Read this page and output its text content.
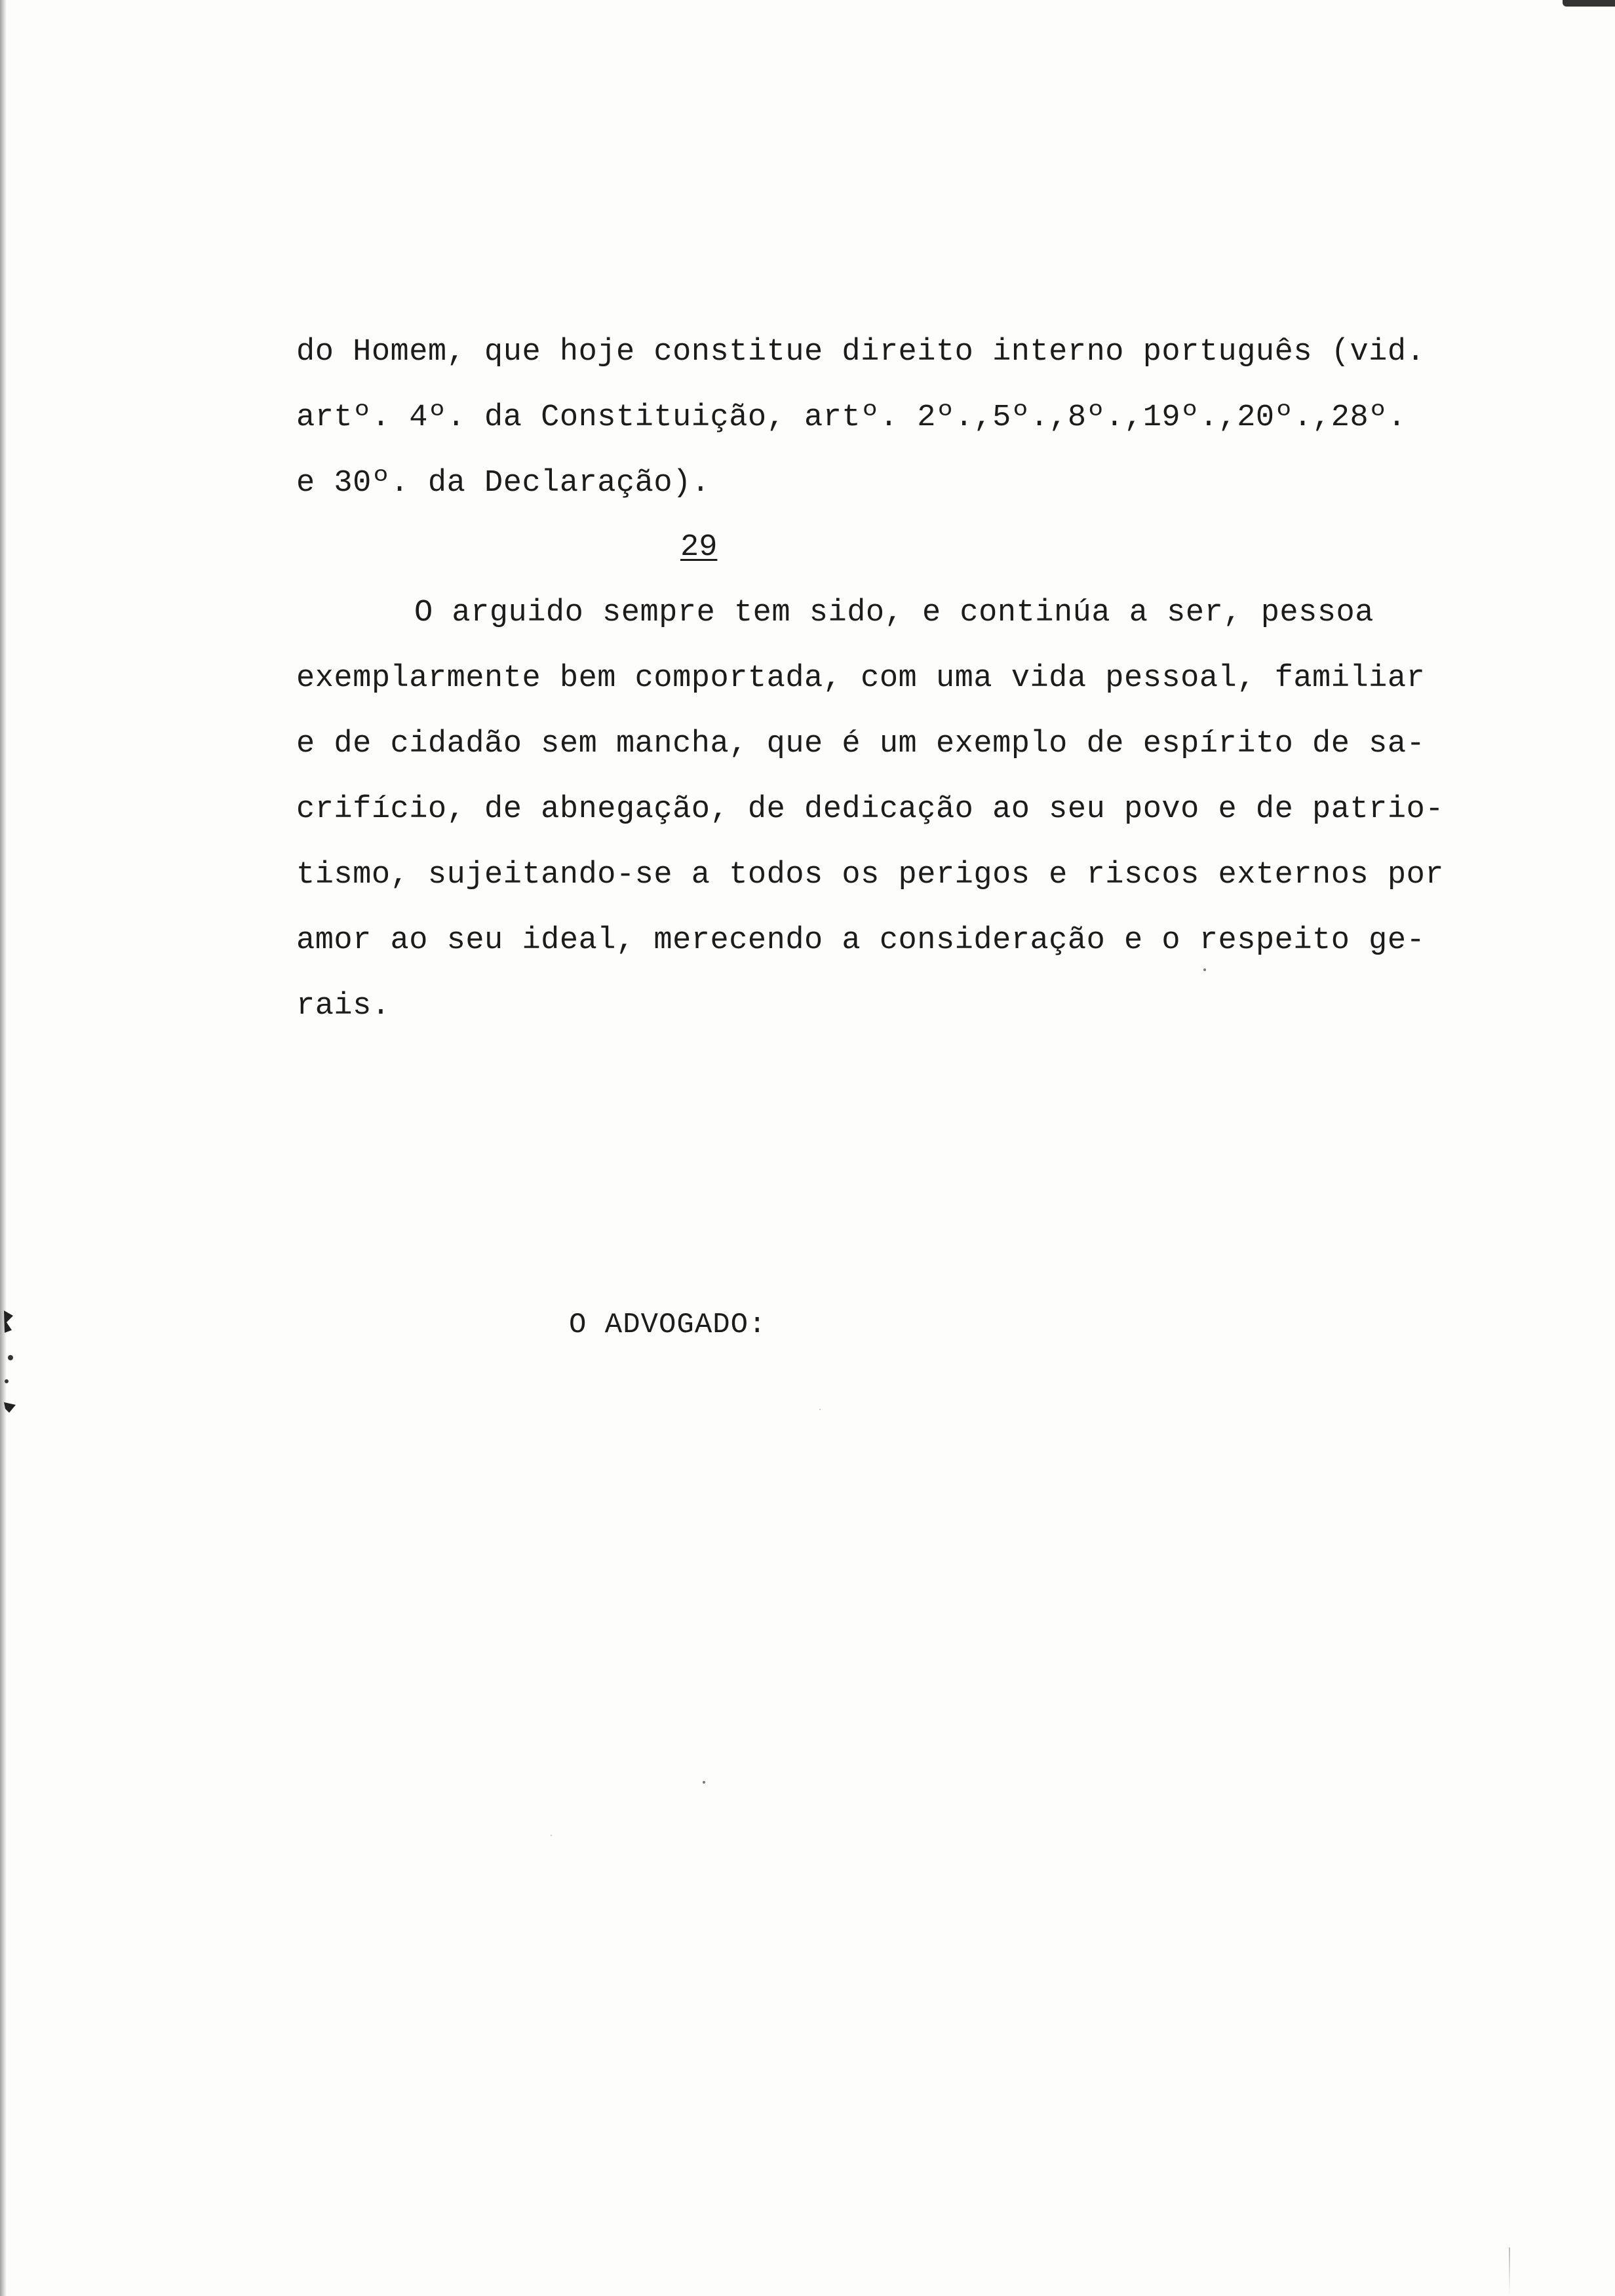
do Homem, que hoje constitue direito interno português (vid.
artº. 4º. da Constituição, artº. 2º.,5º.,8º.,19º.,20º.,28º.
e 30º. da Declaração).
29
O arguido sempre tem sido, e continúa a ser, pessoa
exemplarmente bem comportada, com uma vida pessoal, familiar
e de cidadão sem mancha, que é um exemplo de espírito de sa-
crifício, de abnegação, de dedicação ao seu povo e de patrio-
tismo, sujeitando-se a todos os perigos e riscos externos por
amor ao seu ideal, merecendo a consideração e o respeito ge-
rais.
O ADVOGADO:
